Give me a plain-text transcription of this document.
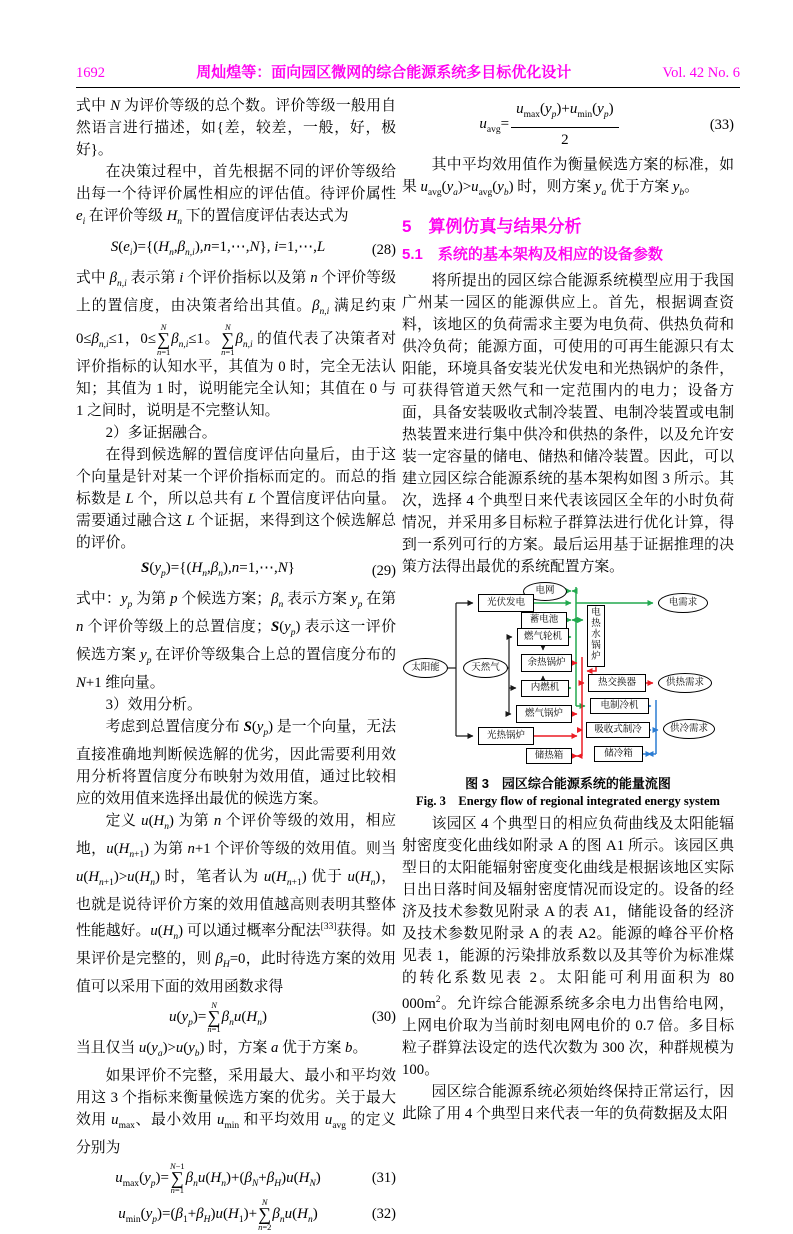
1692	周灿煌等：面向园区微网的综合能源系统多目标优化设计	Vol. 42 No. 6

式中 N 为评价等级的总个数。评价等级一般用自然语言进行描述，如{差，较差，一般，好，极好}。

在决策过程中，首先根据不同的评价等级给出每一个待评价属性相应的评估值。待评价属性 $e_i$ 在评价等级 $H_n$ 下的置信度评估表达式为

$S(e_i)=\{(H_n,\beta_{n,i}),n=1,\cdots,N\}$, i=1,⋯,L	(28)

式中 $\beta_{n,i}$ 表示第 i 个评价指标以及第 n 个评价等级上的置信度，由决策者给出其值。$\beta_{n,i}$ 满足约束 $0\le\beta_{n,i}\le 1$，0≤
N
∑
n=1
$\beta_{n,i}\le 1$。
N
∑
n=1
$\beta_{n,i}$ 的值代表了决策者对评价指标的认知水平，其值为 0 时，完全无法认知；其值为 1 时，说明能完全认知；其值在 0 与 1 之间时，说明是不完整认知。

2）多证据融合。

在得到候选解的置信度评估向量后，由于这个向量是针对某一个评价指标而定的。而总的指标数是 L 个，所以总共有 L 个置信度评估向量。需要通过融合这 L 个证据，来得到这个候选解总的评价。

$S(y_p)=\{(H_n,\beta_n),n=1,\cdots,N\}$	(29)

式中：$y_p$ 为第 p 个候选方案；$\beta_n$ 表示方案 $y_p$ 在第 n 个评价等级上的总置信度；$S(y_p)$ 表示这一评价候选方案 $y_p$ 在评价等级集合上总的置信度分布的 N+1 维向量。

3）效用分析。

考虑到总置信度分布 $S(y_p)$ 是一个向量，无法直接准确地判断候选解的优劣，因此需要利用效用分析将置信度分布映射为效用值，通过比较相应的效用值来选择出最优的候选方案。

定义 $u(H_n)$ 为第 n 个评价等级的效用，相应地，$u(H_{n+1})$ 为第 n+1 个评价等级的效用值。则当 $u(H_{n+1})>u(H_n)$ 时，笔者认为 $u(H_{n+1})$ 优于 $u(H_n)$，也就是说待评价方案的效用值越高则表明其整体性能越好。$u(H_n)$ 可以通过概率分配法[33]获得。如果评价是完整的，则 $\beta_H=0$，此时待选方案的效用值可以采用下面的效用函数求得

$u(y_p)=$
N
∑
n=1
$\beta_nu(H_n)$	(30)

当且仅当 $u(y_a)>u(y_b)$ 时，方案 a 优于方案 b。

如果评价不完整，采用最大、最小和平均效用这 3 个指标来衡量候选方案的优劣。关于最大效用 $u_{max}$、最小效用 $u_{min}$ 和平均效用 $u_{avg}$ 的定义分别为

$u_{max}(y_p)=$
N−1
∑
n=1
$\beta_nu(H_n)+(\beta_N+\beta_H)u(H_N)$	(31)
$u_{min}(y_p)=(\beta_1+\beta_H)u(H_1)+$
N
∑
n=2
$\beta_nu(H_n)$	(32)
$u_{avg}= \frac{u_{max}(y_p)+u_{min}(y_p)}{2}$	(33)

其中平均效用值作为衡量候选方案的标准，如果 $u_{avg}(y_a)>u_{avg}(y_b)$ 时，则方案 $y_a$ 优于方案 $y_b$。

5　算例仿真与结果分析

5.1　系统的基本架构及相应的设备参数

将所提出的园区综合能源系统模型应用于我国广州某一园区的能源供应上。首先，根据调查资料，该地区的负荷需求主要为电负荷、供热负荷和供冷负荷；能源方面，可使用的可再生能源只有太阳能，环境具备安装光伏发电和光热锅炉的条件，可获得管道天然气和一定范围内的电力；设备方面，具备安装吸收式制冷装置、电制冷装置或电制热装置来进行集中供冷和供热的条件，以及允许安装一定容量的储电、储热和储冷装置。因此，可以建立园区综合能源系统的基本架构如图 3 所示。其次，选择 4 个典型日来代表该园区全年的小时负荷情况，并采用多目标粒子群算法进行优化计算，得到一系列可行的方案。最后运用基于证据推理的决策方法得出最优的系统配置方案。

电网
太阳能	天然气
电需求
供热需求
供冷需求
光伏发电
蓄电池
电热水锅炉
燃气轮机
余热锅炉
内燃机
燃气锅炉
光热锅炉
储热箱
热交换器
电制冷机
吸收式制冷
储冷箱

图 3　园区综合能源系统的能量流图

Fig. 3　Energy flow of regional integrated energy system

该园区 4 个典型日的相应负荷曲线及太阳能辐射密度变化曲线如附录 A 的图 A1 所示。该园区典型日的太阳能辐射密度变化曲线是根据该地区实际日出日落时间及辐射密度情况而设定的。设备的经济及技术参数见附录 A 的表 A1，储能设备的经济及技术参数见附录 A 的表 A2。能源的峰谷平价格见表 1，能源的污染排放系数以及其等价为标准煤的转化系数见表 2。太阳能可利用面积为 80 $000m^2$。允许综合能源系统多余电力出售给电网，上网电价取为当前时刻电网电价的 0.7 倍。多目标粒子群算法设定的迭代次数为 300 次，种群规模为 100。

园区综合能源系统必须始终保持正常运行，因此除了用 4 个典型日来代表一年的负荷数据及太阳
